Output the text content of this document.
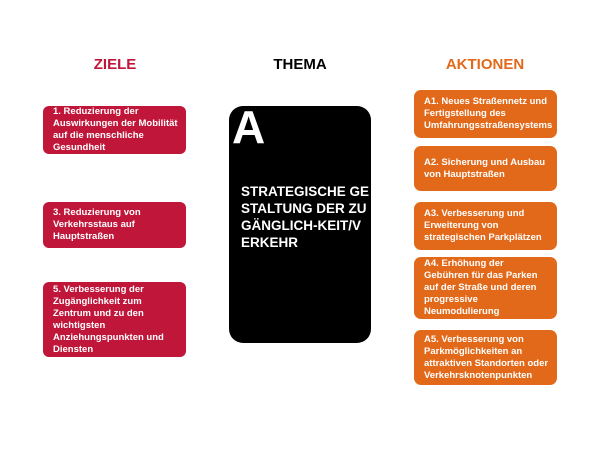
ZIELE	THEMA	AKTIONEN
1. Reduzierung der Auswirkungen der Mobilität auf die menschliche Gesundheit
3. Reduzierung von Verkehrsstaus auf Hauptstraßen
5. Verbesserung der Zugänglichkeit zum Zentrum und zu den wichtigsten Anziehungspunkten und Diensten
A
STRATEGISCHE GESTALTUNG DER ZUGÄNGLICH-KEIT/VERKEHR
A1. Neues Straßennetz und Fertigstellung des Umfahrungsstraßensystems
A2. Sicherung und Ausbau von Hauptstraßen
A3. Verbesserung und Erweiterung von strategischen Parkplätzen
A4. Erhöhung der Gebühren für das Parken auf der Straße und deren progressive Neumodulierung
A5. Verbesserung von Parkmöglichkeiten an attraktiven Standorten oder Verkehrsknotenpunkten
